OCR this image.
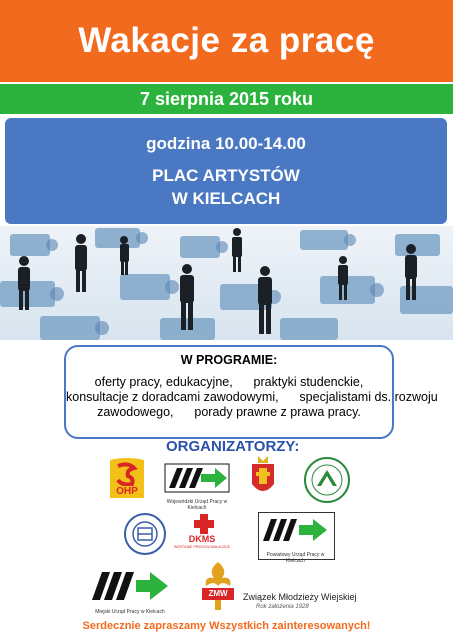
Wakacje za pracę
7 sierpnia 2015 roku
godzina 10.00-14.00
PLAC ARTYSTÓW
W KIELCACH
W PROGRAMIE:
oferty pracy, edukacyjne,      praktyki studenckie,
konsultacje z doradcami zawodowymi,      specjalistami ds. rozwoju
zawodowego,      porady prawne z prawa pracy.
ORGANIZATORZY:
OHP
Wojewódzki Urząd Pracy w Kielcach
DKMS
WSPÓLNIE PRZECIW BIAŁACZCE
Powiatowy Urząd Pracy w Kielcach
Miejski Urząd Pracy w Kielcach
ZMW	Związek Młodzieży Wiejskiej
Rok założenia 1928
Serdecznie zapraszamy Wszystkich zainteresowanych!
